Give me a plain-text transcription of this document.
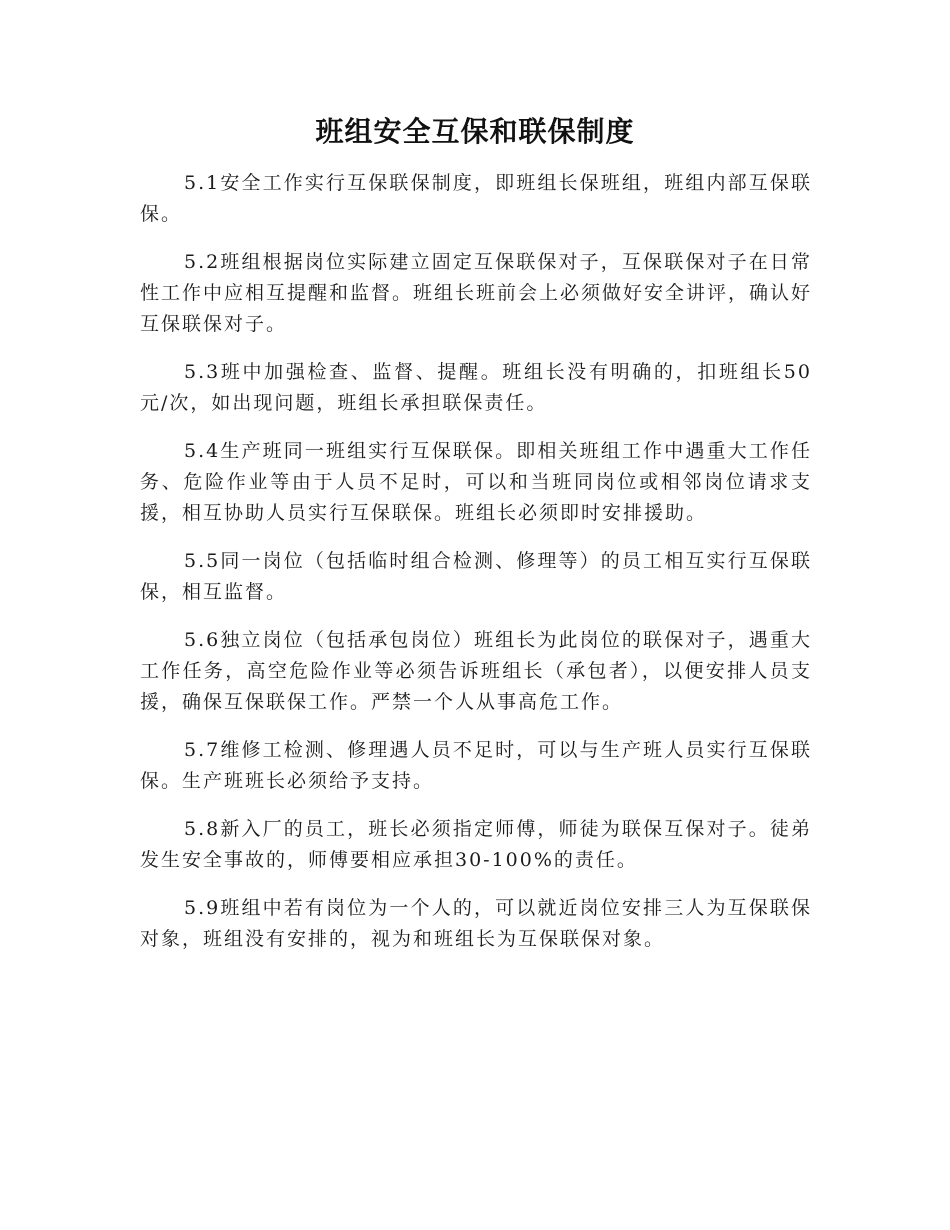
班组安全互保和联保制度

5.1安全工作实行互保联保制度，即班组长保班组，班组内部互保联保。

5.2班组根据岗位实际建立固定互保联保对子，互保联保对子在日常性工作中应相互提醒和监督。班组长班前会上必须做好安全讲评，确认好互保联保对子。

5.3班中加强检查、监督、提醒。班组长没有明确的，扣班组长50元/次，如出现问题，班组长承担联保责任。

5.4生产班同一班组实行互保联保。即相关班组工作中遇重大工作任务、危险作业等由于人员不足时，可以和当班同岗位或相邻岗位请求支援，相互协助人员实行互保联保。班组长必须即时安排援助。

5.5同一岗位（包括临时组合检测、修理等）的员工相互实行互保联保，相互监督。

5.6独立岗位（包括承包岗位）班组长为此岗位的联保对子，遇重大工作任务，高空危险作业等必须告诉班组长（承包者），以便安排人员支援，确保互保联保工作。严禁一个人从事高危工作。

5.7维修工检测、修理遇人员不足时，可以与生产班人员实行互保联保。生产班班长必须给予支持。

5.8新入厂的员工，班长必须指定师傅，师徒为联保互保对子。徒弟发生安全事故的，师傅要相应承担30-100%的责任。

5.9班组中若有岗位为一个人的，可以就近岗位安排三人为互保联保对象，班组没有安排的，视为和班组长为互保联保对象。
